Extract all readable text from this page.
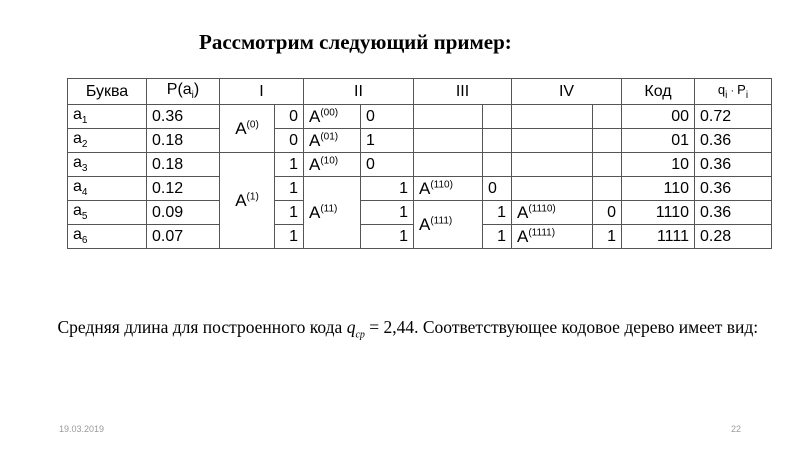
Рассмотрим следующий пример:
Буква	$P(a_i)$	I		II		III		IV		Код	$q_i \cdot P_i$
$a_1$	0.36	$A^{(0)}$	0	$A^{(00)}$	0					00	0.72
$a_2$	0.18		0	$A^{(01)}$	1					01	0.36
$a_3$	0.18	$A^{(1)}$	1	$A^{(10)}$	0					10	0.36
$a_4$	0.12		1	$A^{(11)}$	1	$A^{(110)}$	0			110	0.36
$a_5$	0.09		1		1	$A^{(111)}$	1	$A^{(1110)}$	0	1110	0.36
$a_6$	0.07		1		1		1	$A^{(1111)}$	1	1111	0.28
Средняя длина для построенного кода $q_{ср} = 2,44$. Соответствующее кодовое дерево имеет вид:
19.03.2019	22
